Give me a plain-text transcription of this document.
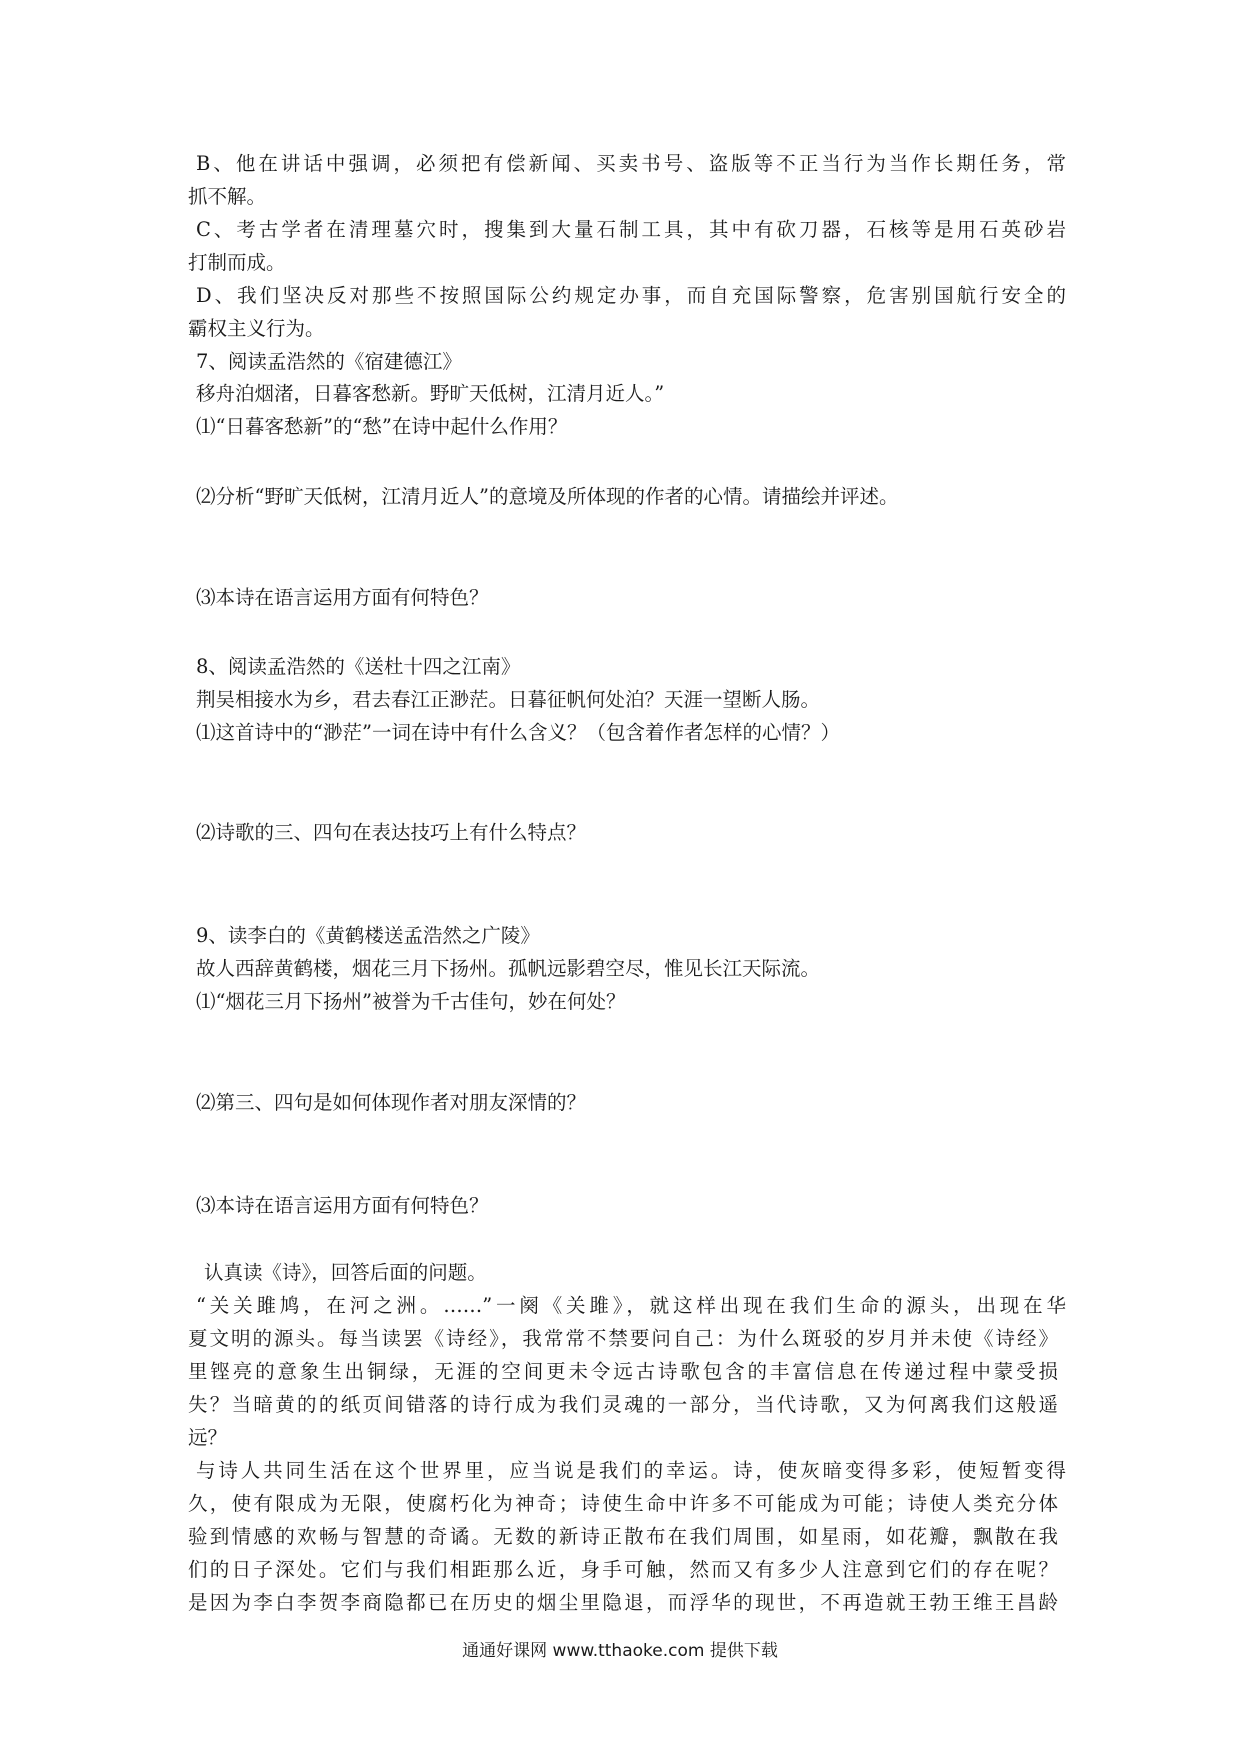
B、他在讲话中强调，必须把有偿新闻、买卖书号、盗版等不正当行为当作长期任务，常
抓不解。
C、考古学者在清理墓穴时，搜集到大量石制工具，其中有砍刀器，石核等是用石英砂岩
打制而成。
D、我们坚决反对那些不按照国际公约规定办事，而自充国际警察，危害别国航行安全的
霸权主义行为。
7、阅读孟浩然的《宿建德江》
移舟泊烟渚，日暮客愁新。野旷天低树，江清月近人。”
⑴“日暮客愁新”的“愁”在诗中起什么作用？
⑵分析“野旷天低树，江清月近人”的意境及所体现的作者的心情。请描绘并评述。
⑶本诗在语言运用方面有何特色？
8、阅读孟浩然的《送杜十四之江南》
荆吴相接水为乡，君去春江正渺茫。日暮征帆何处泊？天涯一望断人肠。
⑴这首诗中的“渺茫”一词在诗中有什么含义？（包含着作者怎样的心情？）
⑵诗歌的三、四句在表达技巧上有什么特点？
9、读李白的《黄鹤楼送孟浩然之广陵》
故人西辞黄鹤楼，烟花三月下扬州。孤帆远影碧空尽，惟见长江天际流。
⑴“烟花三月下扬州”被誉为千古佳句，妙在何处？
⑵第三、四句是如何体现作者对朋友深情的？
⑶本诗在语言运用方面有何特色？
认真读《诗》，回答后面的问题。
“关关雎鸠，在河之洲。……”一阕《关雎》，就这样出现在我们生命的源头，出现在华
夏文明的源头。每当读罢《诗经》，我常常不禁要问自己：为什么斑驳的岁月并未使《诗经》
里铿亮的意象生出铜绿，无涯的空间更未令远古诗歌包含的丰富信息在传递过程中蒙受损
失？当暗黄的的纸页间错落的诗行成为我们灵魂的一部分，当代诗歌，又为何离我们这般遥
远？
与诗人共同生活在这个世界里，应当说是我们的幸运。诗，使灰暗变得多彩，使短暂变得
久，使有限成为无限，使腐朽化为神奇；诗使生命中许多不可能成为可能；诗使人类充分体
验到情感的欢畅与智慧的奇谲。无数的新诗正散布在我们周围，如星雨，如花瓣，飘散在我
们的日子深处。它们与我们相距那么近，身手可触，然而又有多少人注意到它们的存在呢？
是因为李白李贺李商隐都已在历史的烟尘里隐退，而浮华的现世，不再造就王勃王维王昌龄
通通好课网 www.tthaoke.com 提供下载
